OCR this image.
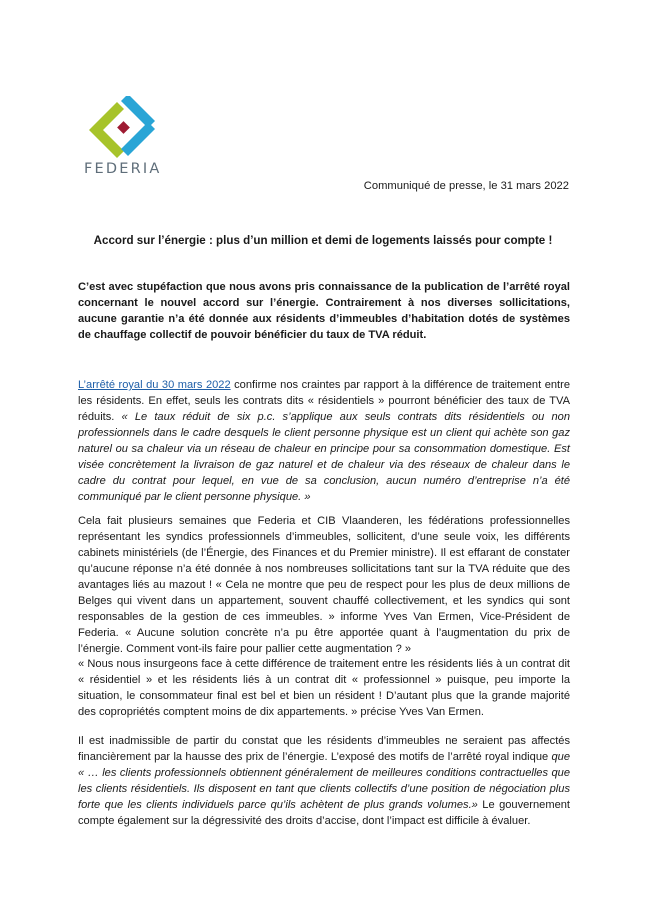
FEDERIA
Communiqué de presse, le 31 mars 2022
Accord sur l’énergie : plus d’un million et demi de logements laissés pour compte !

C’est avec stupéfaction que nous avons pris connaissance de la publication de l’arrêté royal concernant le nouvel accord sur l’énergie. Contrairement à nos diverses sollicitations, aucune garantie n’a été donnée aux résidents d’immeubles d’habitation dotés de systèmes de chauffage collectif de pouvoir bénéficier du taux de TVA réduit.

L’arrêté royal du 30 mars 2022 confirme nos craintes par rapport à la différence de traitement entre les résidents. En effet, seuls les contrats dits « résidentiels » pourront bénéficier des taux de TVA réduits. « Le taux réduit de six p.c. s’applique aux seuls contrats dits résidentiels ou non professionnels dans le cadre desquels le client personne physique est un client qui achète son gaz naturel ou sa chaleur via un réseau de chaleur en principe pour sa consommation domestique. Est visée concrètement la livraison de gaz naturel et de chaleur via des réseaux de chaleur dans le cadre du contrat pour lequel, en vue de sa conclusion, aucun numéro d’entreprise n’a été communiqué par le client personne physique. »

Cela fait plusieurs semaines que Federia et CIB Vlaanderen, les fédérations professionnelles représentant les syndics professionnels d’immeubles, sollicitent, d’une seule voix, les différents cabinets ministériels (de l’Énergie, des Finances et du Premier ministre). Il est effarant de constater qu’aucune réponse n’a été donnée à nos nombreuses sollicitations tant sur la TVA réduite que des avantages liés au mazout ! « Cela ne montre que peu de respect pour les plus de deux millions de Belges qui vivent dans un appartement, souvent chauffé collectivement, et les syndics qui sont responsables de la gestion de ces immeubles. » informe Yves Van Ermen, Vice-Président de Federia. « Aucune solution concrète n’a pu être apportée quant à l’augmentation du prix de l’énergie. Comment vont-ils faire pour pallier cette augmentation ? »

« Nous nous insurgeons face à cette différence de traitement entre les résidents liés à un contrat dit « résidentiel » et les résidents liés à un contrat dit « professionnel » puisque, peu importe la situation, le consommateur final est bel et bien un résident ! D’autant plus que la grande majorité des copropriétés comptent moins de dix appartements. » précise Yves Van Ermen.

Il est inadmissible de partir du constat que les résidents d’immeubles ne seraient pas affectés financièrement par la hausse des prix de l’énergie. L’exposé des motifs de l’arrêté royal indique que « … les clients professionnels obtiennent généralement de meilleures conditions contractuelles que les clients résidentiels. Ils disposent en tant que clients collectifs d’une position de négociation plus forte que les clients individuels parce qu’ils achètent de plus grands volumes.» Le gouvernement compte également sur la dégressivité des droits d’accise, dont l’impact est difficile à évaluer.
